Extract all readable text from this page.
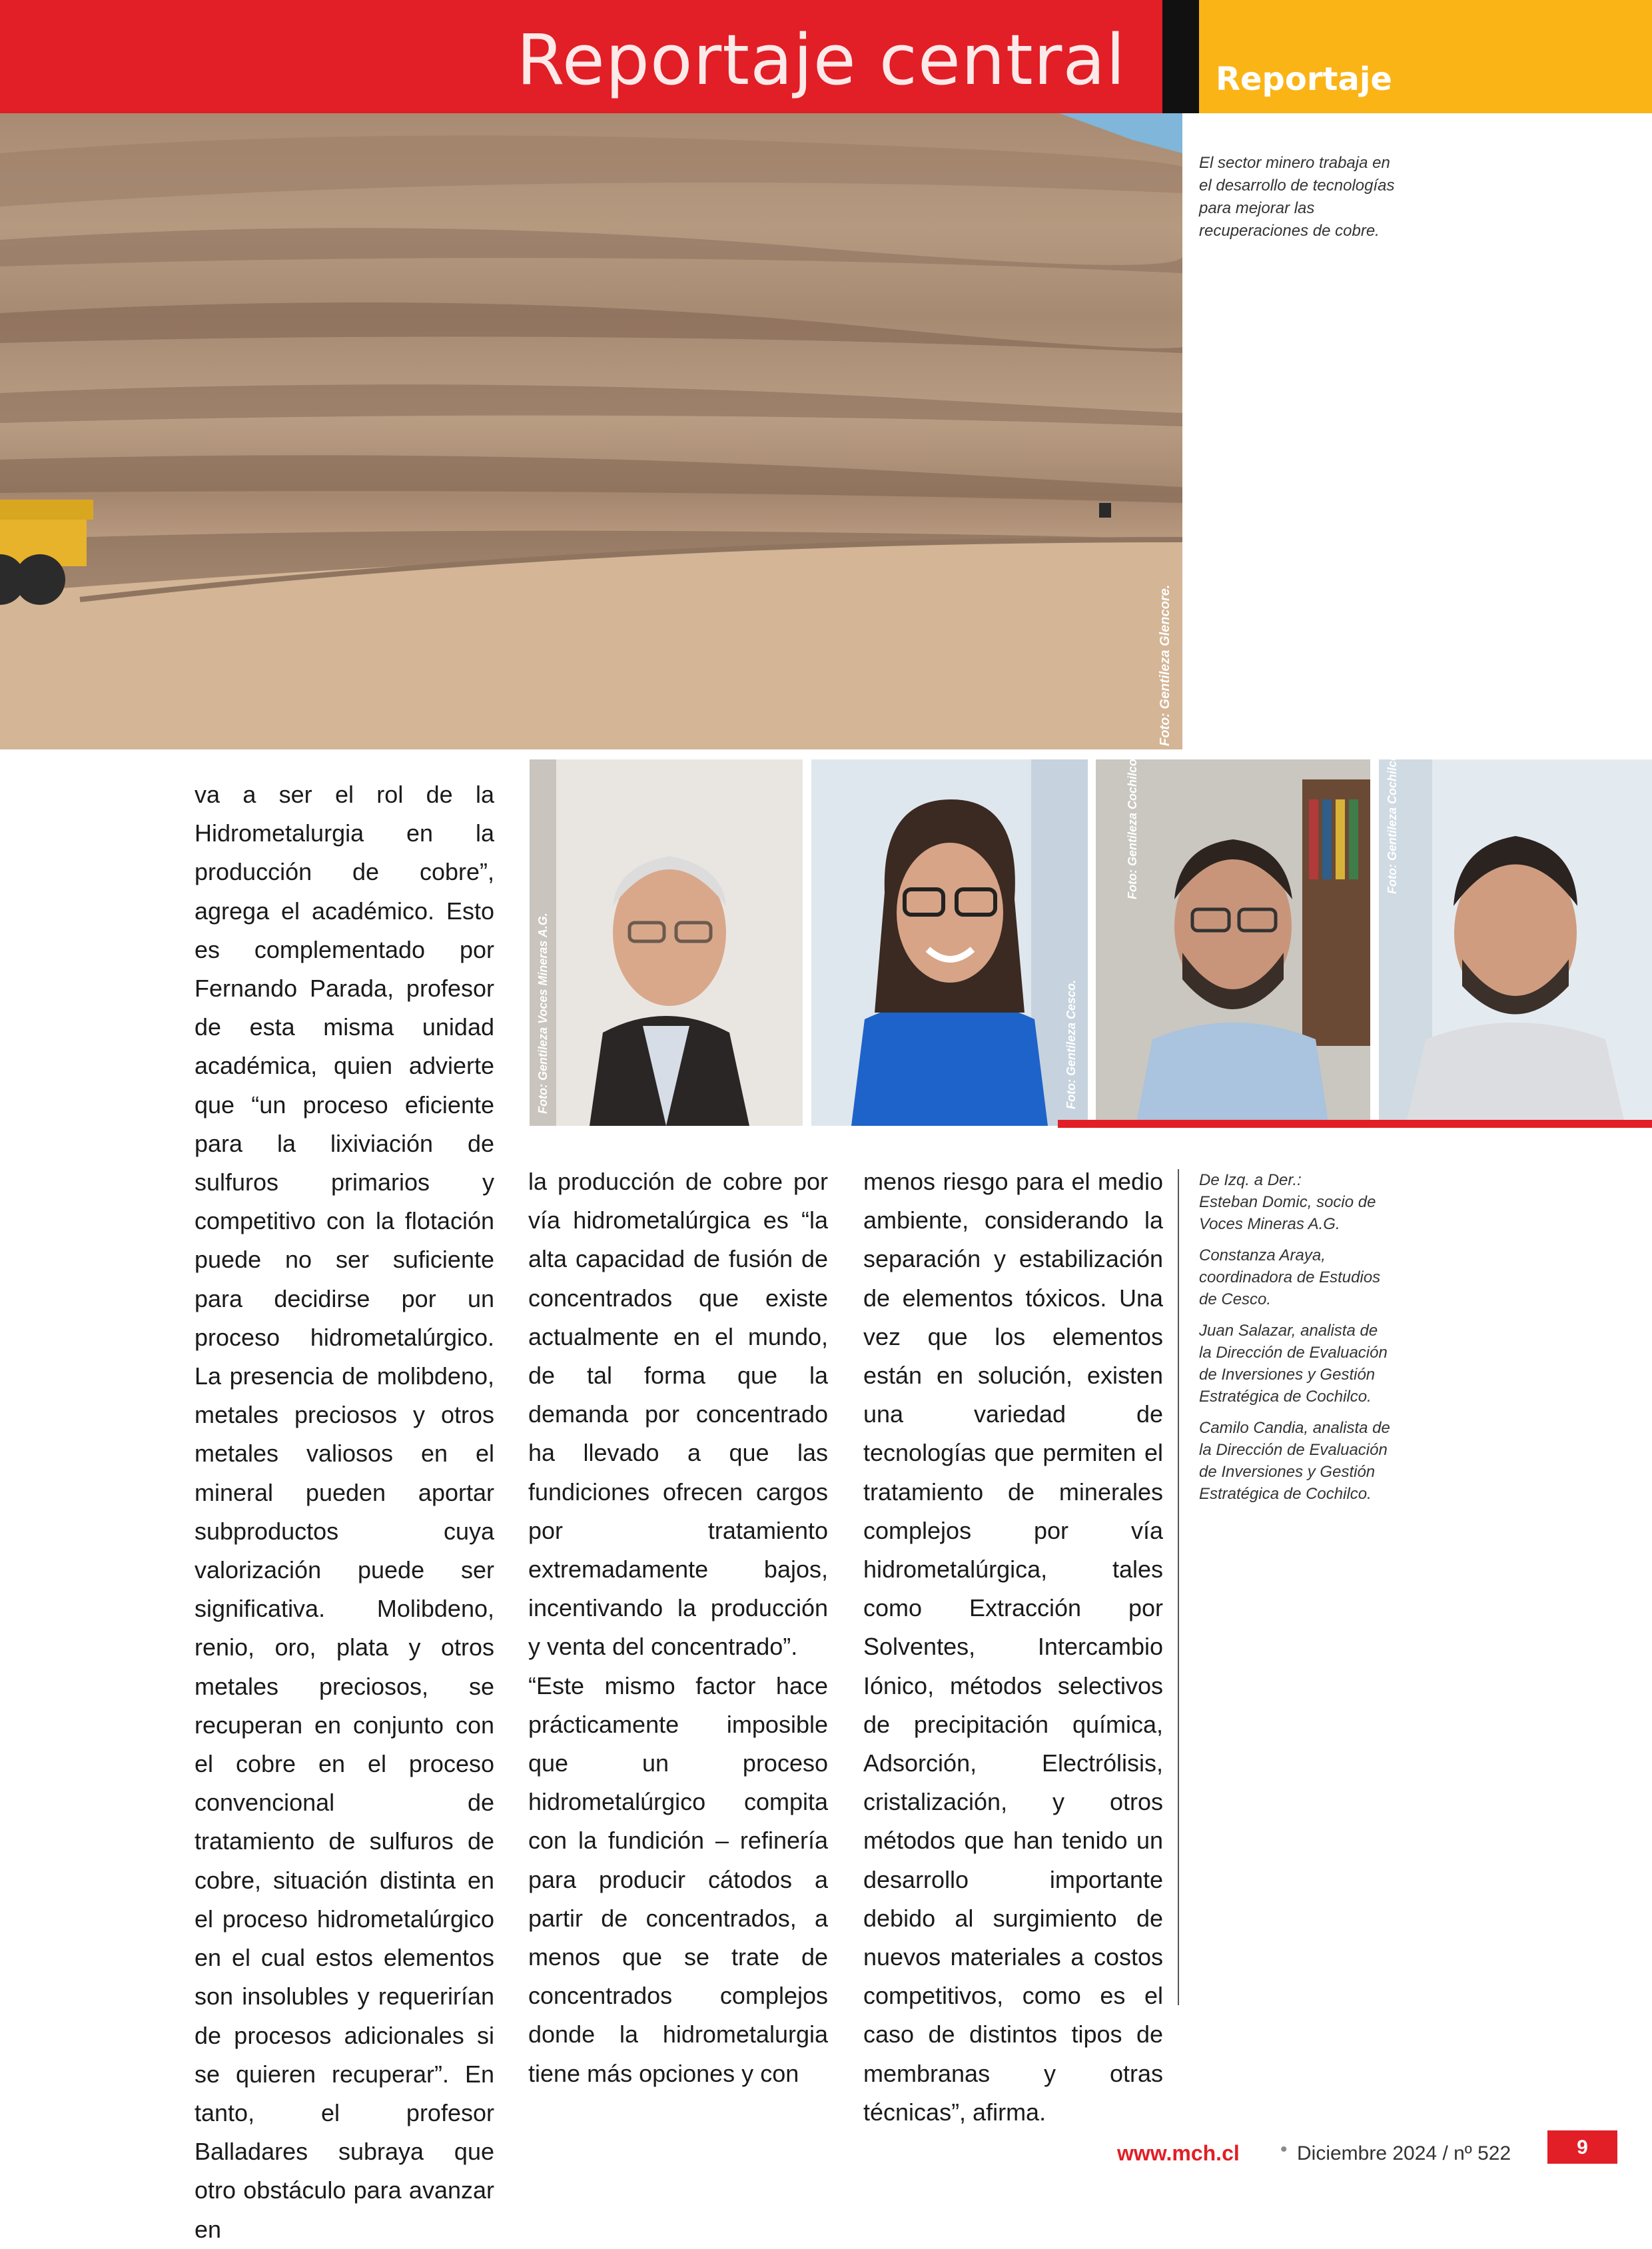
Reportaje central	Reportaje
Foto: Gentileza Glencore.
El sector minero trabaja en el desarrollo de tecnologías para mejorar las recuperaciones de cobre.
Foto: Gentileza Voces Mineras A.G.	Foto: Gentileza Cesco.
Foto: Gentileza Cochilco.	Foto: Gentileza Cochilco.

va a ser el rol de la Hidrometalurgia en la producción de cobre”, agrega el académico. Esto es complementado por Fernando Parada, profesor de esta misma unidad académica, quien advierte que “un proceso eficiente para la lixiviación de sulfuros primarios y competitivo con la flotación puede no ser suficiente para decidirse por un proceso hidrometalúrgico. La presencia de molibdeno, metales preciosos y otros metales valiosos en el mineral pueden aportar subproductos cuya valorización puede ser significativa. Molibdeno, renio, oro, plata y otros metales preciosos, se recuperan en conjunto con el cobre en el proceso convencional de tratamiento de sulfuros de cobre, situación distinta en el proceso hidrometalúrgico en el cual estos elementos son insolubles y requerirían de procesos adicionales si se quieren recuperar”. En tanto, el profesor Balladares subraya que otro obstáculo para avanzar en

la producción de cobre por vía hidrometalúrgica es “la alta capacidad de fusión de concentrados que existe actualmente en el mundo, de tal forma que la demanda por concentrado ha llevado a que las fundiciones ofrecen cargos por tratamiento extremadamente bajos, incentivando la producción y venta del concentrado”.

“Este mismo factor hace prácticamente imposible que un proceso hidrometalúrgico compita con la fundición – refinería para producir cátodos a partir de concentrados, a menos que se trate de concentrados complejos donde la hidrometalurgia tiene más opciones y con

menos riesgo para el medio ambiente, considerando la separación y estabilización de elementos tóxicos. Una vez que los elementos están en solución, existen una variedad de tecnologías que permiten el tratamiento de minerales complejos por vía hidrometalúrgica, tales como Extracción por Solventes, Intercambio Iónico, métodos selectivos de precipitación química, Adsorción, Electrólisis, cristalización, y otros métodos que han tenido un desarrollo importante debido al surgimiento de nuevos materiales a costos competitivos, como es el caso de distintos tipos de membranas y otras técnicas”, afirma.

De Izq. a Der.:
Esteban Domic, socio de Voces Mineras A.G.

Constanza Araya, coordinadora de Estudios de Cesco.

Juan Salazar, analista de la Dirección de Evaluación de Inversiones y Gestión Estratégica de Cochilco.

Camilo Candia, analista de la Dirección de Evaluación de Inversiones y Gestión Estratégica de Cochilco.

www.mch.cl • Diciembre 2024 / nº 522	9
